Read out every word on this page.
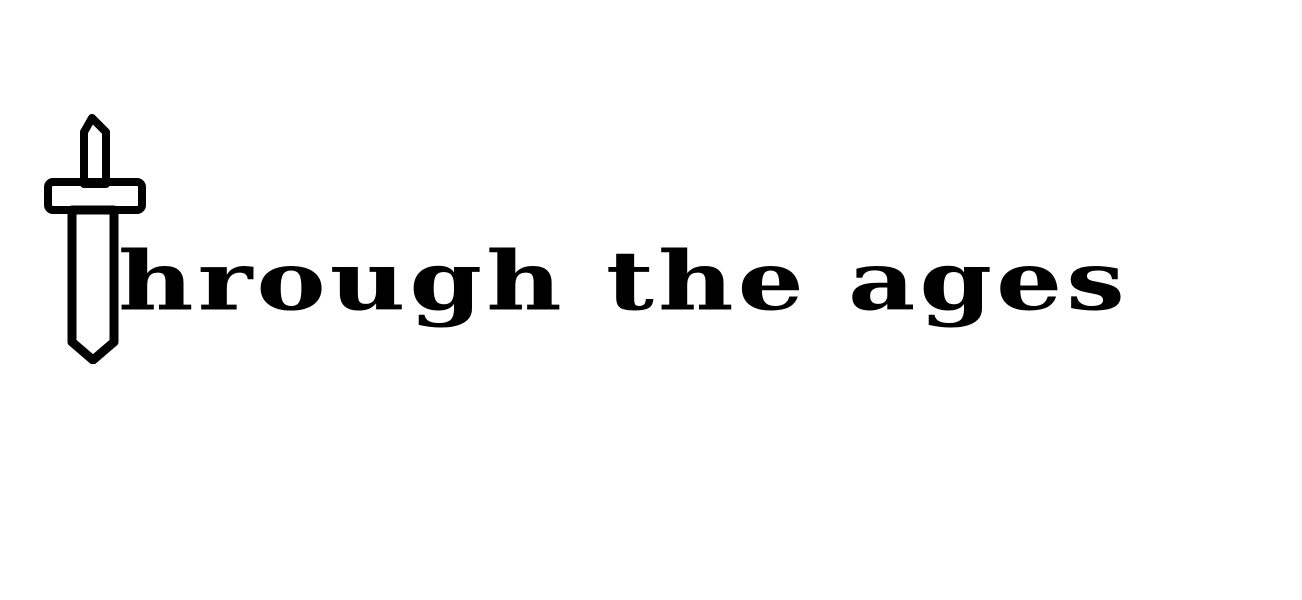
hrough the ages
